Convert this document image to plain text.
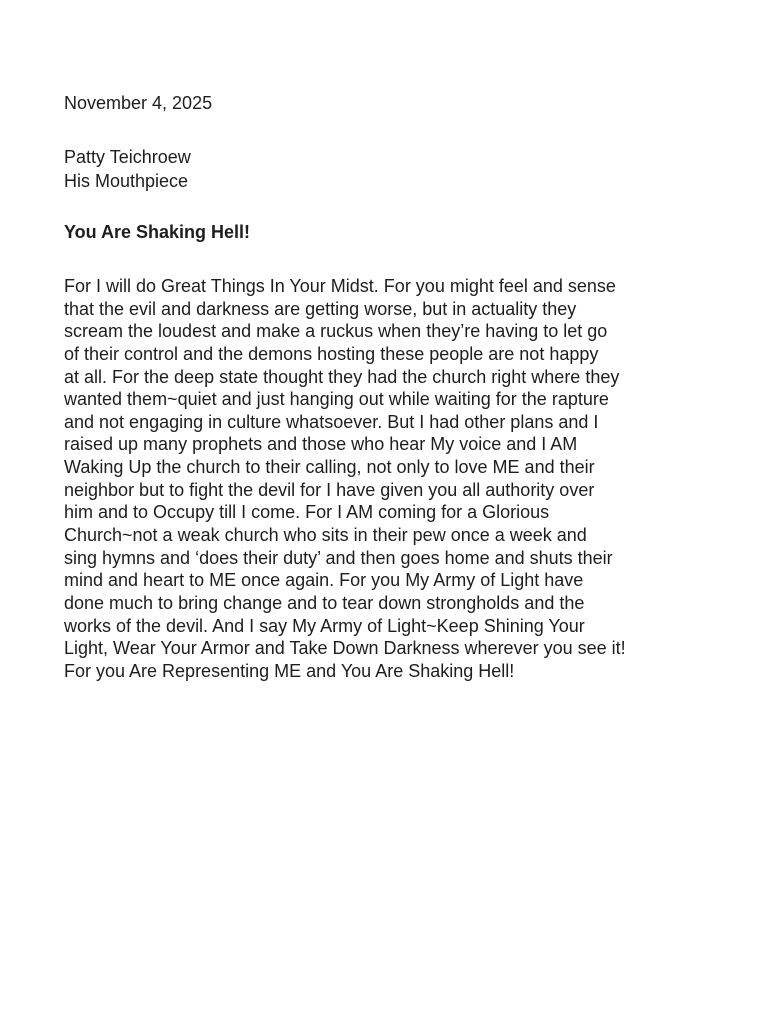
November 4, 2025
Patty Teichroew
His Mouthpiece
You Are Shaking Hell!
For I will do Great Things In Your Midst. For you might feel and sense
that the evil and darkness are getting worse, but in actuality they
scream the loudest and make a ruckus when they’re having to let go
of their control and the demons hosting these people are not happy
at all. For the deep state thought they had the church right where they
wanted them~quiet and just hanging out while waiting for the rapture
and not engaging in culture whatsoever. But I had other plans and I
raised up many prophets and those who hear My voice and I AM
Waking Up the church to their calling, not only to love ME and their
neighbor but to fight the devil for I have given you all authority over
him and to Occupy till I come. For I AM coming for a Glorious
Church~not a weak church who sits in their pew once a week and
sing hymns and ‘does their duty’ and then goes home and shuts their
mind and heart to ME once again. For you My Army of Light have
done much to bring change and to tear down strongholds and the
works of the devil. And I say My Army of Light~Keep Shining Your
Light, Wear Your Armor and Take Down Darkness wherever you see it!
For you Are Representing ME and You Are Shaking Hell!
